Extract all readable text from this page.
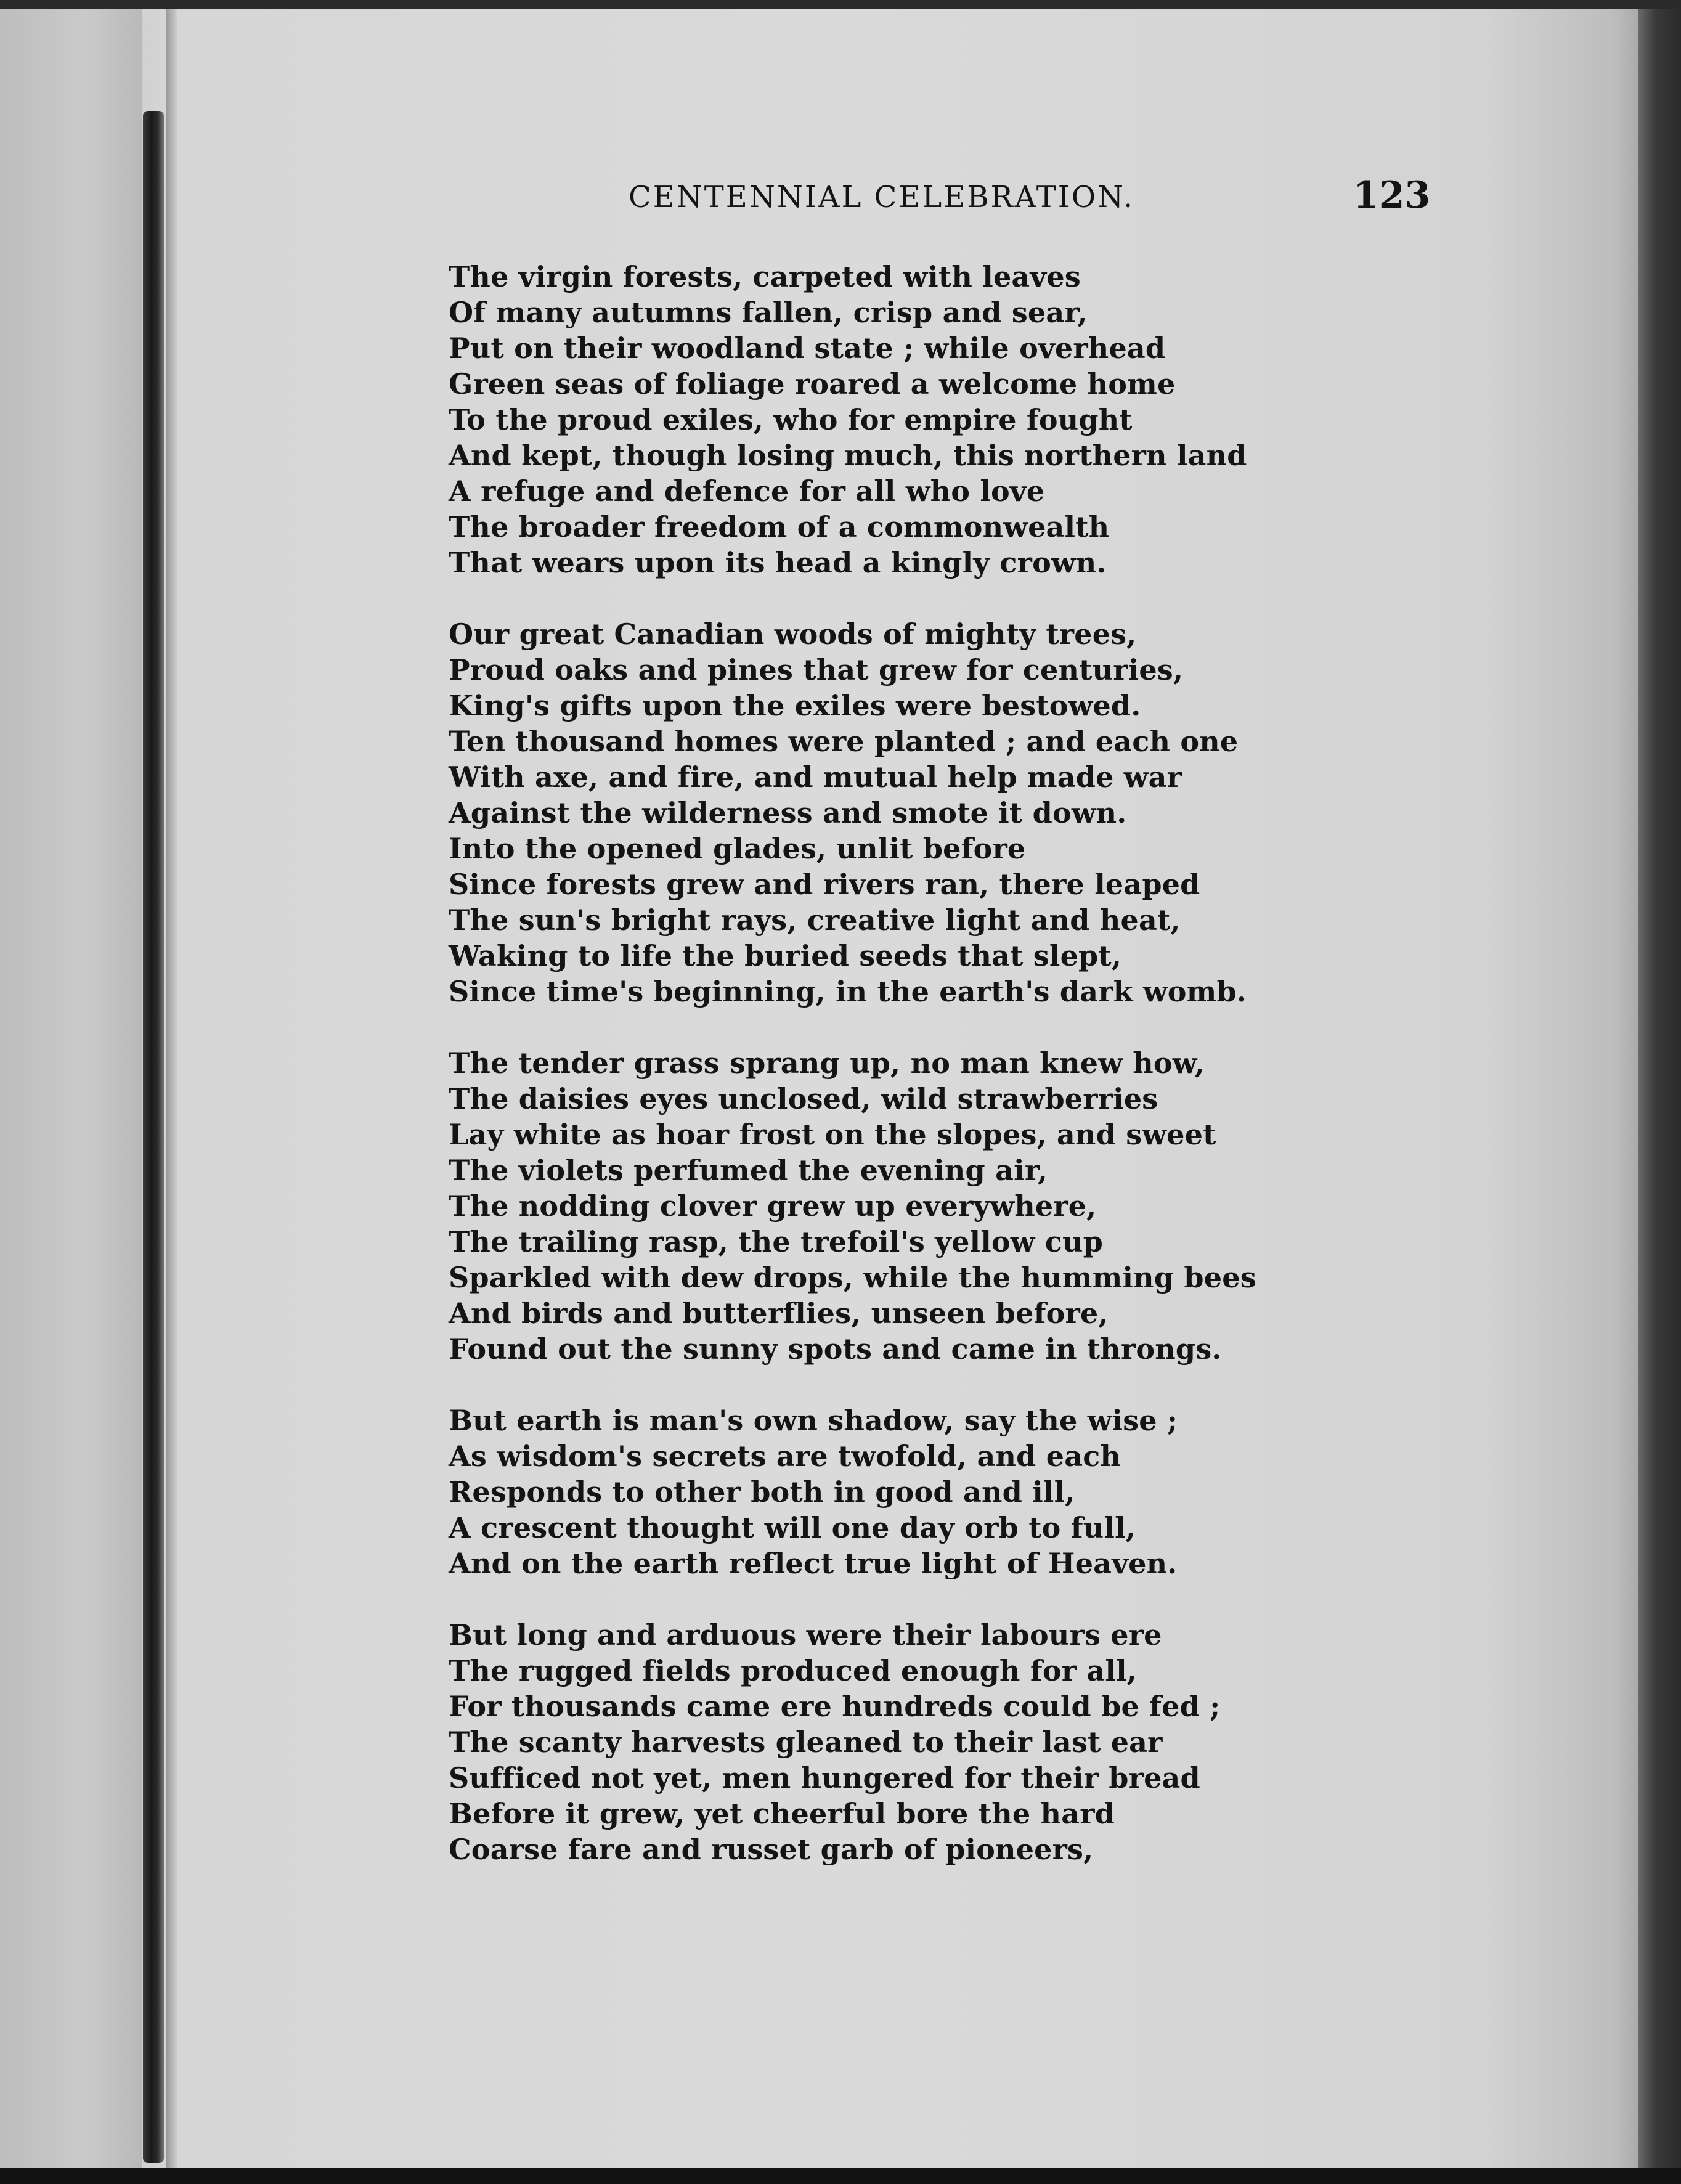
CENTENNIAL CELEBRATION.	123
The virgin forests, carpeted with leaves
Of many autumns fallen, crisp and sear,
Put on their woodland state ; while overhead
Green seas of foliage roared a welcome home
To the proud exiles, who for empire fought
And kept, though losing much, this northern land
A refuge and defence for all who love
The broader freedom of a commonwealth
That wears upon its head a kingly crown.
Our great Canadian woods of mighty trees,
Proud oaks and pines that grew for centuries,
King's gifts upon the exiles were bestowed.
Ten thousand homes were planted ; and each one
With axe, and fire, and mutual help made war
Against the wilderness and smote it down.
Into the opened glades, unlit before
Since forests grew and rivers ran, there leaped
The sun's bright rays, creative light and heat,
Waking to life the buried seeds that slept,
Since time's beginning, in the earth's dark womb.
The tender grass sprang up, no man knew how,
The daisies eyes unclosed, wild strawberries
Lay white as hoar frost on the slopes, and sweet
The violets perfumed the evening air,
The nodding clover grew up everywhere,
The trailing rasp, the trefoil's yellow cup
Sparkled with dew drops, while the humming bees
And birds and butterflies, unseen before,
Found out the sunny spots and came in throngs.
But earth is man's own shadow, say the wise ;
As wisdom's secrets are twofold, and each
Responds to other both in good and ill,
A crescent thought will one day orb to full,
And on the earth reflect true light of Heaven.
But long and arduous were their labours ere
The rugged fields produced enough for all,
For thousands came ere hundreds could be fed ;
The scanty harvests gleaned to their last ear
Sufficed not yet, men hungered for their bread
Before it grew, yet cheerful bore the hard
Coarse fare and russet garb of pioneers,
